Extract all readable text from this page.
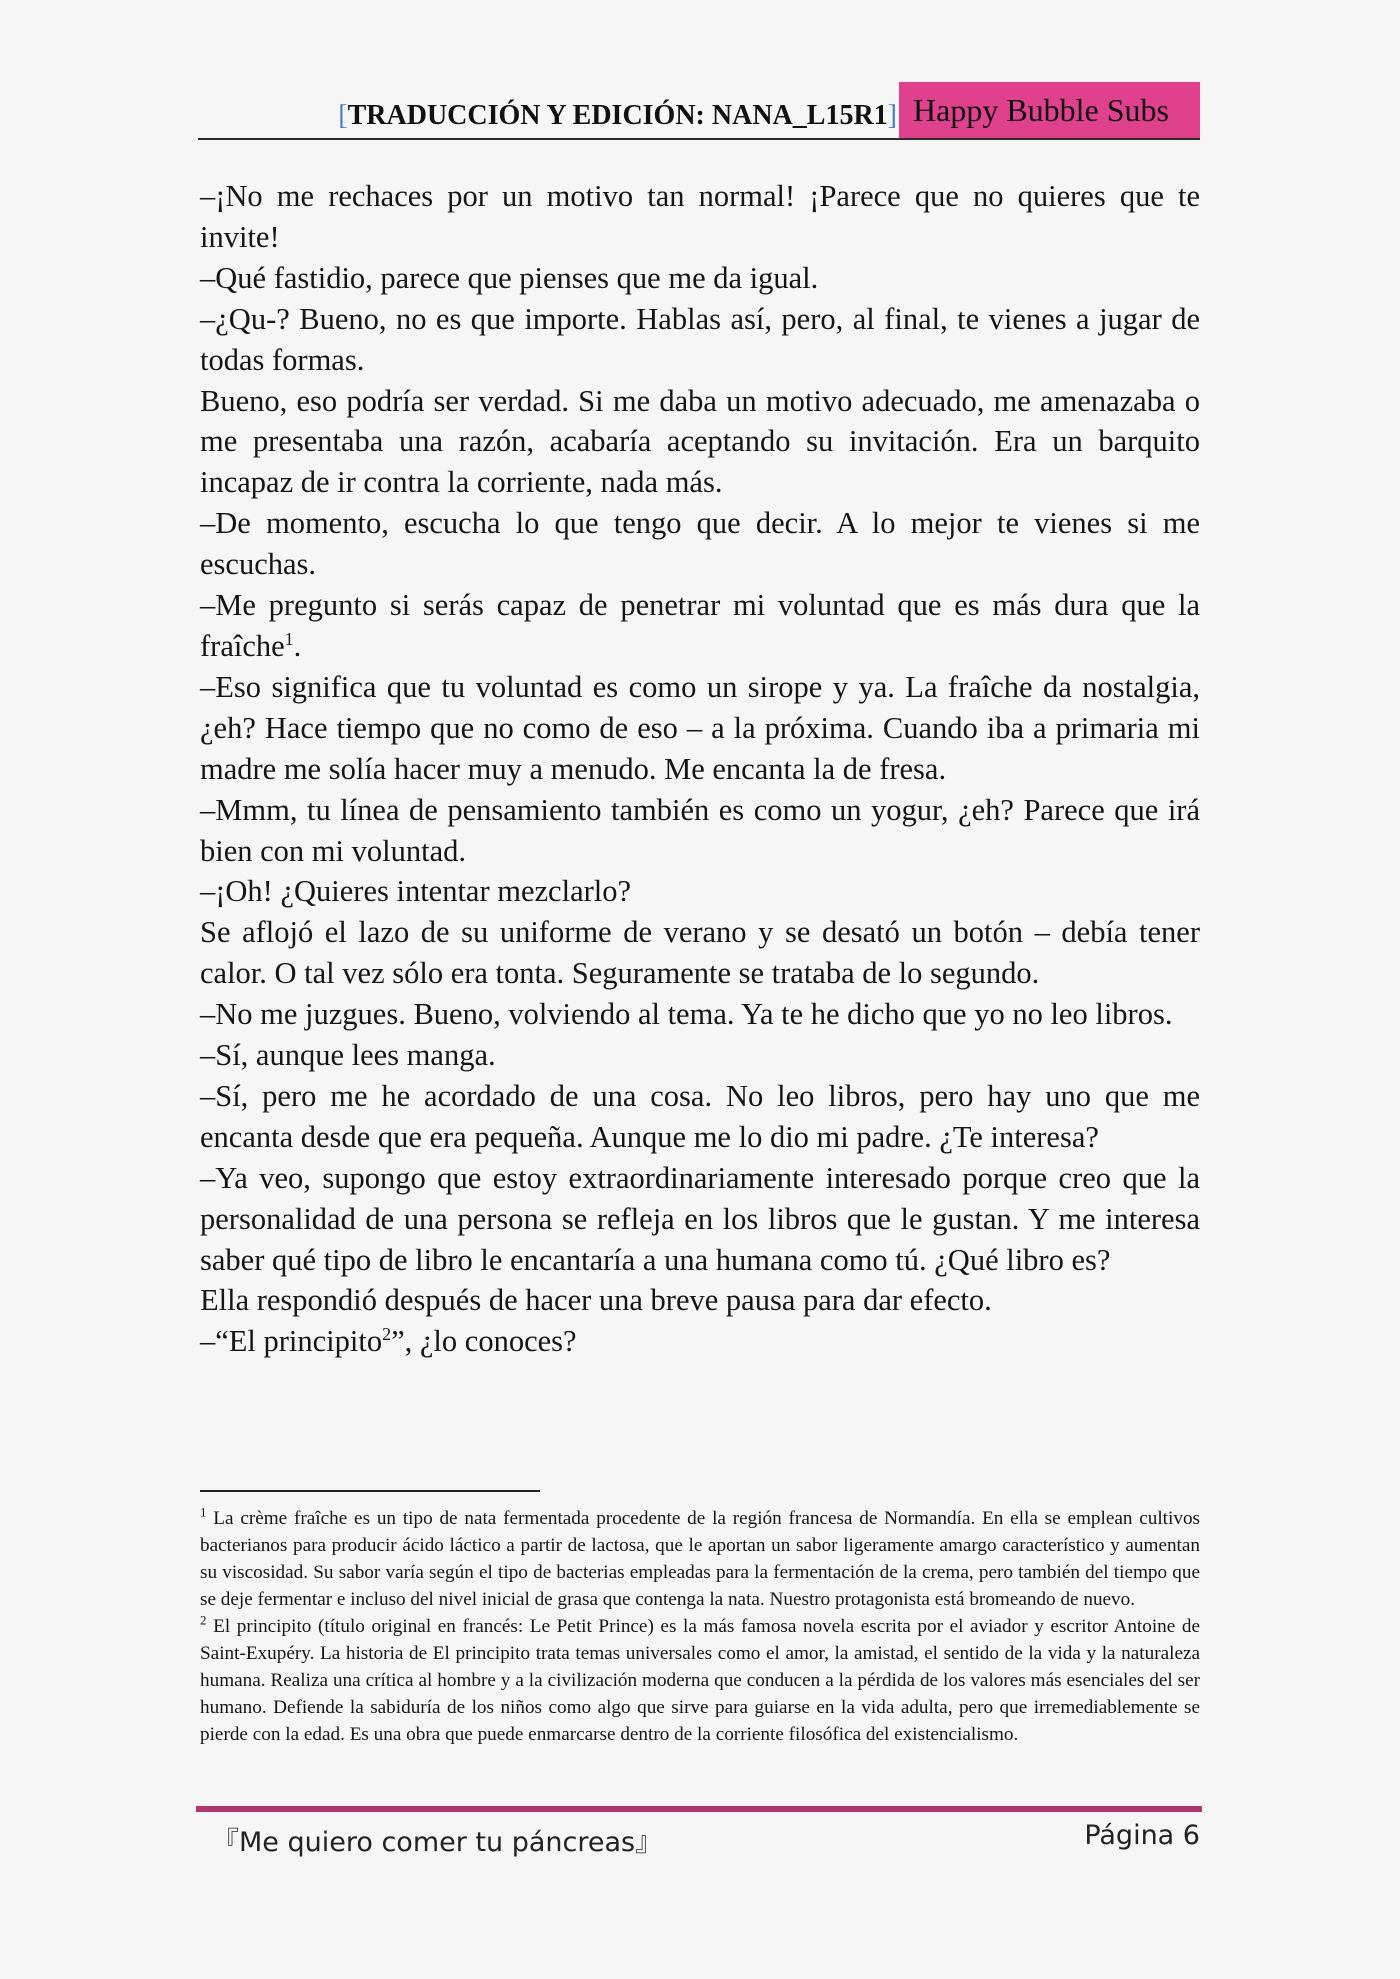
[TRADUCCIÓN Y EDICIÓN: NANA_L15R1] Happy Bubble Subs

–¡No me rechaces por un motivo tan normal! ¡Parece que no quieres que te invite!

–Qué fastidio, parece que pienses que me da igual.

–¿Qu-? Bueno, no es que importe. Hablas así, pero, al final, te vienes a jugar de todas formas.

Bueno, eso podría ser verdad. Si me daba un motivo adecuado, me amenazaba o me presentaba una razón, acabaría aceptando su invitación. Era un barquito incapaz de ir contra la corriente, nada más.

–De momento, escucha lo que tengo que decir. A lo mejor te vienes si me escuchas.

–Me pregunto si serás capaz de penetrar mi voluntad que es más dura que la fraîche$^1$.

–Eso significa que tu voluntad es como un sirope y ya. La fraîche da nostalgia, ¿eh? Hace tiempo que no como de eso – a la próxima. Cuando iba a primaria mi madre me solía hacer muy a menudo. Me encanta la de fresa.

–Mmm, tu línea de pensamiento también es como un yogur, ¿eh? Parece que irá bien con mi voluntad.

–¡Oh! ¿Quieres intentar mezclarlo?

Se aflojó el lazo de su uniforme de verano y se desató un botón – debía tener calor. O tal vez sólo era tonta. Seguramente se trataba de lo segundo.

–No me juzgues. Bueno, volviendo al tema. Ya te he dicho que yo no leo libros.

–Sí, aunque lees manga.

–Sí, pero me he acordado de una cosa. No leo libros, pero hay uno que me encanta desde que era pequeña. Aunque me lo dio mi padre. ¿Te interesa?

–Ya veo, supongo que estoy extraordinariamente interesado porque creo que la personalidad de una persona se refleja en los libros que le gustan. Y me interesa saber qué tipo de libro le encantaría a una humana como tú. ¿Qué libro es?

Ella respondió después de hacer una breve pausa para dar efecto.

–“El principito$^2$”, ¿lo conoces?

$^1$ La crème fraîche es un tipo de nata fermentada procedente de la región francesa de Normandía. En ella se emplean cultivos bacterianos para producir ácido láctico a partir de lactosa, que le aportan un sabor ligeramente amargo característico y aumentan su viscosidad. Su sabor varía según el tipo de bacterias empleadas para la fermentación de la crema, pero también del tiempo que se deje fermentar e incluso del nivel inicial de grasa que contenga la nata. Nuestro protagonista está bromeando de nuevo.

$^2$ El principito (título original en francés: Le Petit Prince) es la más famosa novela escrita por el aviador y escritor Antoine de Saint-Exupéry. La historia de El principito trata temas universales como el amor, la amistad, el sentido de la vida y la naturaleza humana. Realiza una crítica al hombre y a la civilización moderna que conducen a la pérdida de los valores más esenciales del ser humano. Defiende la sabiduría de los niños como algo que sirve para guiarse en la vida adulta, pero que irremediablemente se pierde con la edad. Es una obra que puede enmarcarse dentro de la corriente filosófica del existencialismo.

『Me quiero comer tu páncreas』	Página 6
